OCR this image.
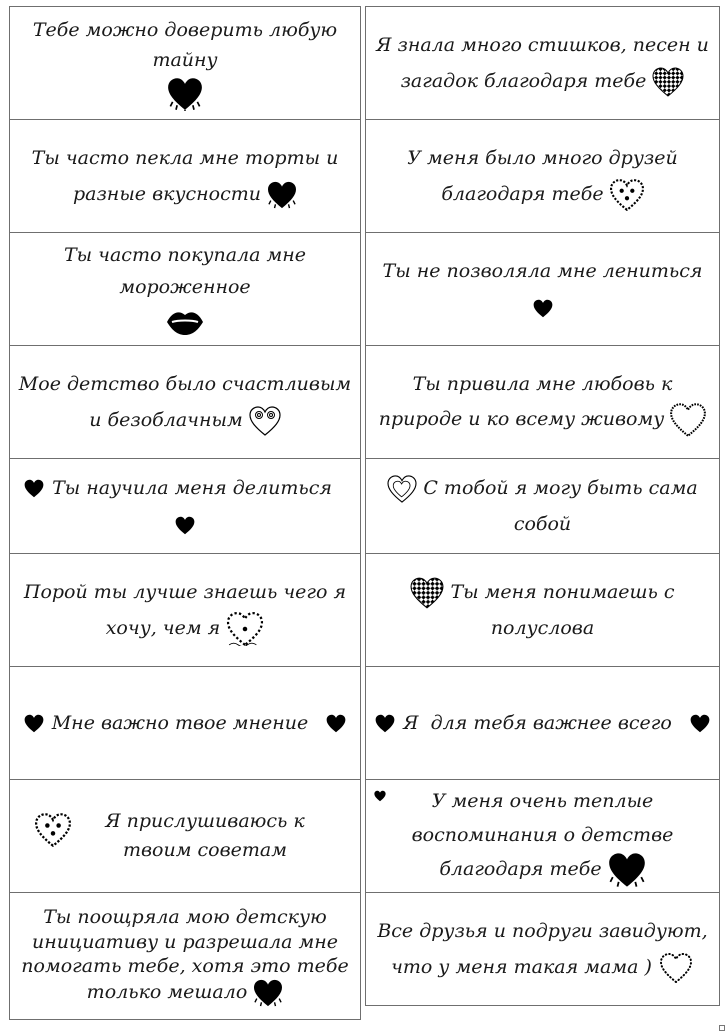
Тебе можно доверить любую тайну
Ты часто пекла мне торты и разные вкусности
Ты часто покупала мне мороженное
Мое детство было счастливым и безоблачным
Ты научила меня делиться
Порой ты лучше знаешь чего я хочу, чем я
Мне важно твое мнение
Я прислушиваюсь к твоим советам
Ты поощряла мою детскую инициативу и разрешала мне помогать тебе, хотя это тебе только мешало
Я знала много стишков, песен и загадок благодаря тебе
У меня было много друзей благодаря тебе
Ты не позволяла мне лениться
Ты привила мне любовь к природе и ко всему живому
С тобой я могу быть сама собой
Ты меня понимаешь с полуслова
Я  для тебя важнее всего
У меня очень теплые воспоминания о детстве благодаря тебе
Все друзья и подруги завидуют, что у меня такая мама )
